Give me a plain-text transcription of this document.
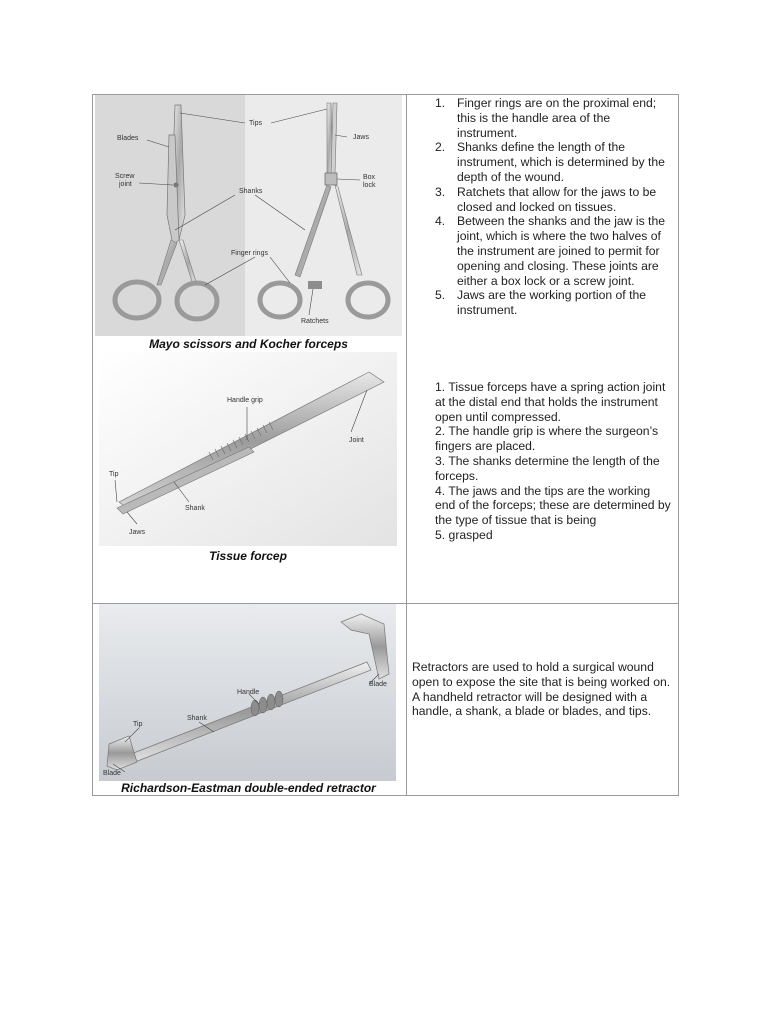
Blades
Screw
joint
Tips
Jaws
Shanks
Box
lock
Finger rings
Ratchets
Mayo scissors and Kocher forceps
1. Finger rings are on the proximal end; this is the handle area of the instrument.
2. Shanks define the length of the instrument, which is determined by the depth of the wound.
3. Ratchets that allow for the jaws to be closed and locked on tissues.
4. Between the shanks and the jaw is the joint, which is where the two halves of the instrument are joined to permit for opening and closing. These joints are either a box lock or a screw joint.
5. Jaws are the working portion of the instrument.
Handle grip
Joint
Tip
Shank
Jaws
Tissue forcep

1. Tissue forceps have a spring action joint at the distal end that holds the instrument open until compressed.

2. The handle grip is where the surgeon’s fingers are placed.

3. The shanks determine the length of the forceps.

4. The jaws and the tips are the working end of the forceps; these are determined by the type of tissue that is being

5. grasped

Blade
Handle
Tip
Shank
Blade
Richardson-Eastman double-ended retractor

Retractors are used to hold a surgical wound open to expose the site that is being worked on. A handheld retractor will be designed with a handle, a shank, a blade or blades, and tips.
